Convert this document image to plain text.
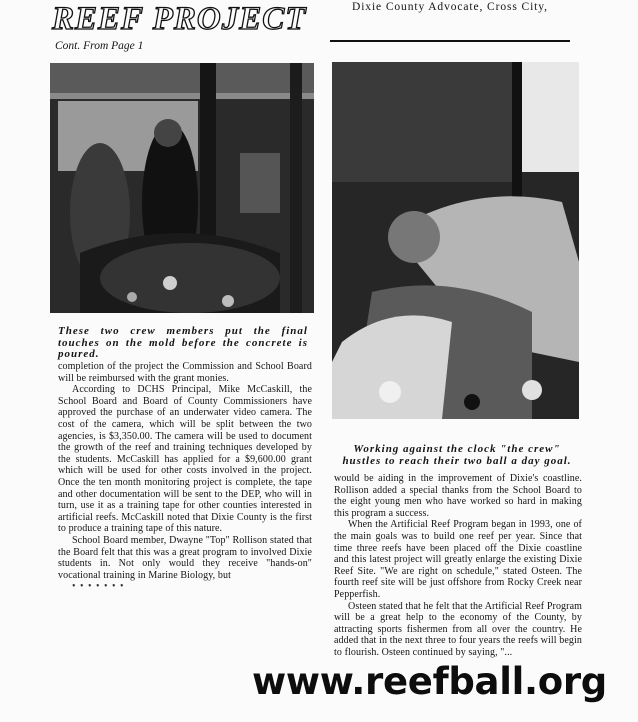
REEF PROJECT	Dixie County Advocate, Cross City,
Cont. From Page 1
These two crew members put the final touches on the mold before the concrete is poured.
Working against the clock "the crew" hustles to reach their two ball a day goal.

completion of the project the Commission and School Board will be reimbursed with the grant monies.

According to DCHS Principal, Mike McCaskill, the School Board and Board of County Commissioners have approved the purchase of an underwater video camera. The cost of the camera, which will be split between the two agencies, is $3,350.00. The camera will be used to document the growth of the reef and training techniques developed by the students. McCaskill has applied for a $9,600.00 grant which will be used for other costs involved in the project. Once the ten month monitoring project is complete, the tape and other documentation will be sent to the DEP, who will in turn, use it as a training tape for other counties interested in artificial reefs. McCaskill noted that Dixie County is the first to produce a training tape of this nature.

School Board member, Dwayne "Top" Rollison stated that the Board felt that this was a great program to involved Dixie students in. Not only would they receive "hands-on" vocational training in Marine Biology, but

• • • • • • •

would be aiding in the improvement of Dixie's coastline. Rollison added a special thanks from the School Board to the eight young men who have worked so hard in making this program a success.

When the Artificial Reef Program began in 1993, one of the main goals was to build one reef per year. Since that time three reefs have been placed off the Dixie coastline and this latest project will greatly enlarge the existing Dixie Reef Site. "We are right on schedule," stated Osteen. The fourth reef site will be just offshore from Rocky Creek near Pepperfish.

Osteen stated that he felt that the Artificial Reef Program will be a great help to the economy of the County, by attracting sports fishermen from all over the country. He added that in the next three to four years the reefs will begin to flourish. Osteen continued by saying, "...

www.reefball.org
